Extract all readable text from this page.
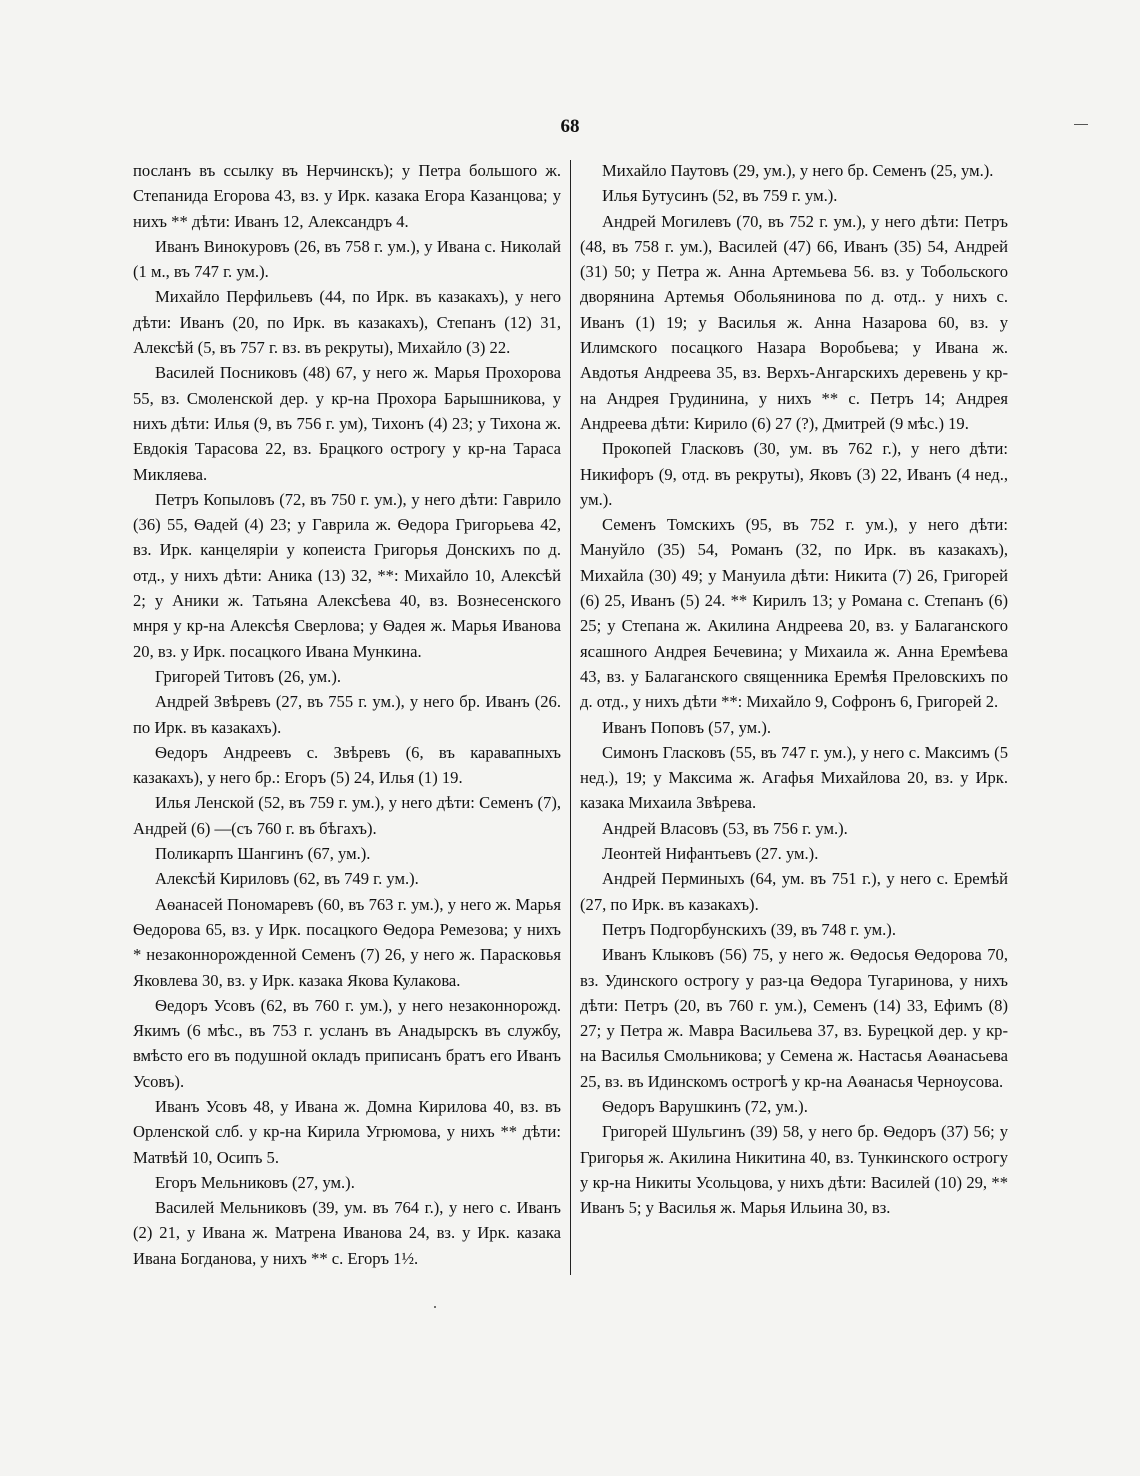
68

посланъ въ ссылку въ Нерчинскъ); у Петра большого ж. Степанида Егорова 43, вз. у Ирк. казака Егора Казанцова; у нихъ ** дѣти: Иванъ 12, Александръ 4.

Иванъ Винокуровъ (26, въ 758 г. ум.), у Ивана с. Николай (1 м., въ 747 г. ум.).

Михайло Перфильевъ (44, по Ирк. въ казакахъ), у него дѣти: Иванъ (20, по Ирк. въ казакахъ), Степанъ (12) 31, Алексѣй (5, въ 757 г. вз. въ рекруты), Михайло (3) 22.

Василей Посниковъ (48) 67, у него ж. Марья Прохорова 55, вз. Смоленской дер. у кр-на Прохора Барышникова, у нихъ дѣти: Илья (9, въ 756 г. ум), Тихонъ (4) 23; у Тихона ж. Евдокія Тарасова 22, вз. Брацкого острогу у кр-на Тараса Микляева.

Петръ Копыловъ (72, въ 750 г. ум.), у него дѣти: Гаврило (36) 55, Ѳадей (4) 23; у Гаврила ж. Ѳедора Григорьева 42, вз. Ирк. канцеляріи у копеиста Григорья Донскихъ по д. отд., у нихъ дѣти: Аника (13) 32, **: Михайло 10, Алексѣй 2; у Аники ж. Татьяна Алексѣева 40, вз. Вознесенского мнря у кр-на Алексѣя Сверлова; у Ѳадея ж. Марья Иванова 20, вз. у Ирк. посацкого Ивана Мункина.

Григорей Титовъ (26, ум.).

Андрей Звѣревъ (27, въ 755 г. ум.), у него бр. Иванъ (26. по Ирк. въ казакахъ).

Ѳедоръ Андреевъ с. Звѣревъ (6, въ каравапныхъ казакахъ), у него бр.: Егоръ (5) 24, Илья (1) 19.

Илья Ленской (52, въ 759 г. ум.), у него дѣти: Семенъ (7), Андрей (6) —(съ 760 г. въ бѣгахъ).

Поликарпъ Шангинъ (67, ум.).

Алексѣй Кириловъ (62, въ 749 г. ум.).

Аѳанасей Пономаревъ (60, въ 763 г. ум.), у него ж. Марья Ѳедорова 65, вз. у Ирк. посацкого Ѳедора Ремезова; у нихъ * незаконнорожденной Семенъ (7) 26, у него ж. Парасковья Яковлева 30, вз. у Ирк. казака Якова Кулакова.

Ѳедоръ Усовъ (62, въ 760 г. ум.), у него незаконнорожд. Якимъ (6 мѣс., въ 753 г. усланъ въ Анадырскъ въ службу, вмѣсто его въ подушной окладъ приписанъ братъ его Иванъ Усовъ).

Иванъ Усовъ 48, у Ивана ж. Домна Кирилова 40, вз. въ Орленской слб. у кр-на Кирила Угрюмова, у нихъ ** дѣти: Матвѣй 10, Осипъ 5.

Егоръ Мельниковъ (27, ум.).

Василей Мельниковъ (39, ум. въ 764 г.), у него с. Иванъ (2) 21, у Ивана ж. Матрена Иванова 24, вз. у Ирк. казака Ивана Богданова, у нихъ ** с. Егоръ 1½.

Михайло Паутовъ (29, ум.), у него бр. Семенъ (25, ум.).

Илья Бутусинъ (52, въ 759 г. ум.).

Андрей Могилевъ (70, въ 752 г. ум.), у него дѣти: Петръ (48, въ 758 г. ум.), Василей (47) 66, Иванъ (35) 54, Андрей (31) 50; у Петра ж. Анна Артемьева 56. вз. у Тобольского дворянина Артемья Обольянинова по д. отд.. у нихъ с. Иванъ (1) 19; у Василья ж. Анна Назарова 60, вз. у Илимского посацкого Назара Воробьева; у Ивана ж. Авдотья Андреева 35, вз. Верхъ-Ангарскихъ деревень у кр-на Андрея Грудинина, у нихъ ** с. Петръ 14; Андрея Андреева дѣти: Кирило (6) 27 (?), Дмитрей (9 мѣс.) 19.

Прокопей Гласковъ (30, ум. въ 762 г.), у него дѣти: Никифоръ (9, отд. въ рекруты), Яковъ (3) 22, Иванъ (4 нед., ум.).

Семенъ Томскихъ (95, въ 752 г. ум.), у него дѣти: Мануйло (35) 54, Романъ (32, по Ирк. въ казакахъ), Михайла (30) 49; у Мануила дѣти: Никита (7) 26, Григорей (6) 25, Иванъ (5) 24. ** Кирилъ 13; у Романа с. Степанъ (6) 25; у Степана ж. Акилина Андреева 20, вз. у Балаганского ясашного Андрея Бечевина; у Михаила ж. Анна Еремѣева 43, вз. у Балаганского священника Еремѣя Преловскихъ по д. отд., у нихъ дѣти **: Михайло 9, Софронъ 6, Григорей 2.

Иванъ Поповъ (57, ум.).

Симонъ Гласковъ (55, въ 747 г. ум.), у него с. Максимъ (5 нед.), 19; у Максима ж. Агафья Михайлова 20, вз. у Ирк. казака Михаила Звѣрева.

Андрей Власовъ (53, въ 756 г. ум.).

Леонтей Нифантьевъ (27. ум.).

Андрей Перминыхъ (64, ум. въ 751 г.), у него с. Еремѣй (27, по Ирк. въ казакахъ).

Петръ Подгорбунскихъ (39, въ 748 г. ум.).

Иванъ Клыковъ (56) 75, у него ж. Ѳедосья Ѳедорова 70, вз. Удинского острогу у раз-ца Ѳедора Тугаринова, у нихъ дѣти: Петръ (20, въ 760 г. ум.), Семенъ (14) 33, Ефимъ (8) 27; у Петра ж. Мавра Васильева 37, вз. Бурецкой дер. у кр-на Василья Смольникова; у Семена ж. Настасья Аѳанасьева 25, вз. въ Идинскомъ острогѣ у кр-на Аѳанасья Черноусова.

Ѳедоръ Варушкинъ (72, ум.).

Григорей Шульгинъ (39) 58, у него бр. Ѳедоръ (37) 56; у Григорья ж. Акилина Никитина 40, вз. Тункинского острогу у кр-на Никиты Усольцова, у нихъ дѣти: Василей (10) 29, ** Иванъ 5; у Василья ж. Марья Ильина 30, вз.
